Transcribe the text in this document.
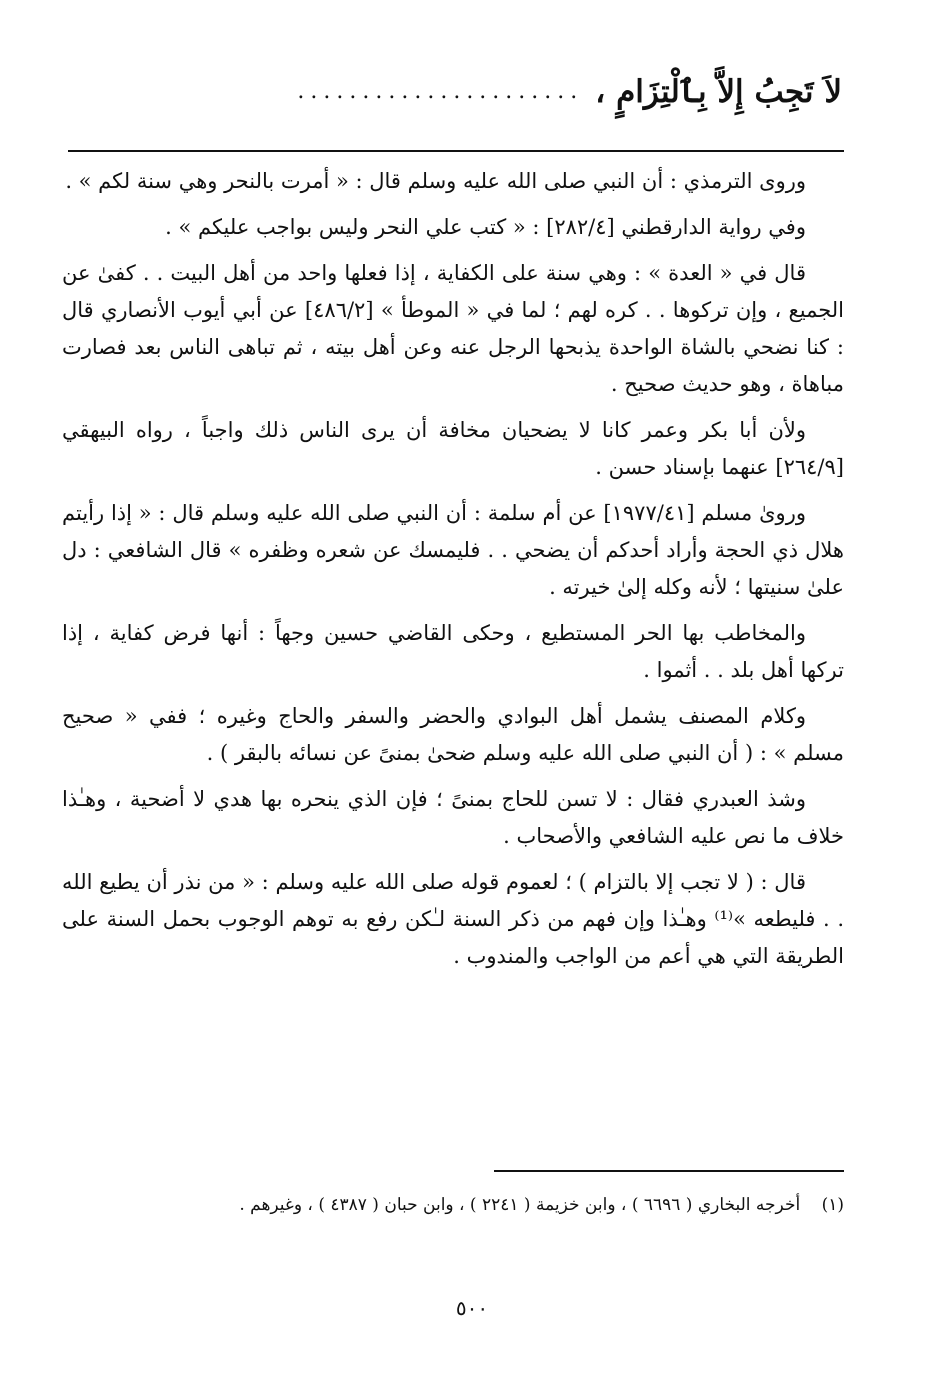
لاَ تَجِبُ إِلاَّ بِٱلْتِزَامٍ ،
......................

وروى الترمذي : أن النبي صلى الله عليه وسلم قال : « أمرت بالنحر وهي سنة لكم » .

وفي رواية الدارقطني [٢٨٢/٤] : « كتب علي النحر وليس بواجب عليكم » .

قال في « العدة » : وهي سنة على الكفاية ، إذا فعلها واحد من أهل البيت . . كفىٰ عن الجميع ، وإن تركوها . . كره لهم ؛ لما في « الموطأ » [٤٨٦/٢] عن أبي أيوب الأنصاري قال : كنا نضحي بالشاة الواحدة يذبحها الرجل عنه وعن أهل بيته ، ثم تباهى الناس بعد فصارت مباهاة ، وهو حديث صحيح .

ولأن أبا بكر وعمر كانا لا يضحيان مخافة أن يرى الناس ذلك واجباً ، رواه البيهقي [٢٦٤/٩] عنهما بإسناد حسن .

وروىٰ مسلم [١٩٧٧/٤١] عن أم سلمة : أن النبي صلى الله عليه وسلم قال : « إذا رأيتم هلال ذي الحجة وأراد أحدكم أن يضحي . . فليمسك عن شعره وظفره » قال الشافعي : دل علىٰ سنيتها ؛ لأنه وكله إلىٰ خيرته .

والمخاطب بها الحر المستطيع ، وحكى القاضي حسين وجهاً : أنها فرض كفاية ، إذا تركها أهل بلد . . أثموا .

وكلام المصنف يشمل أهل البوادي والحضر والسفر والحاج وغيره ؛ ففي « صحيح مسلم » : ( أن النبي صلى الله عليه وسلم ضحىٰ بمنىً عن نسائه بالبقر ) .

وشذ العبدري فقال : لا تسن للحاج بمنىً ؛ فإن الذي ينحره بها هدي لا أضحية ، وهـٰذا خلاف ما نص عليه الشافعي والأصحاب .

قال : ( لا تجب إلا بالتزام ) ؛ لعموم قوله صلى الله عليه وسلم : « من نذر أن يطيع الله . . فليطعه »⁽¹⁾ وهـٰذا وإن فهم من ذكر السنة لـٰكن رفع به توهم الوجوب بحمل السنة على الطريقة التي هي أعم من الواجب والمندوب .

(١) أخرجه البخاري ( ٦٦٩٦ ) ، وابن خزيمة ( ٢٢٤١ ) ، وابن حبان ( ٤٣٨٧ ) ، وغيرهم .
٥٠٠
